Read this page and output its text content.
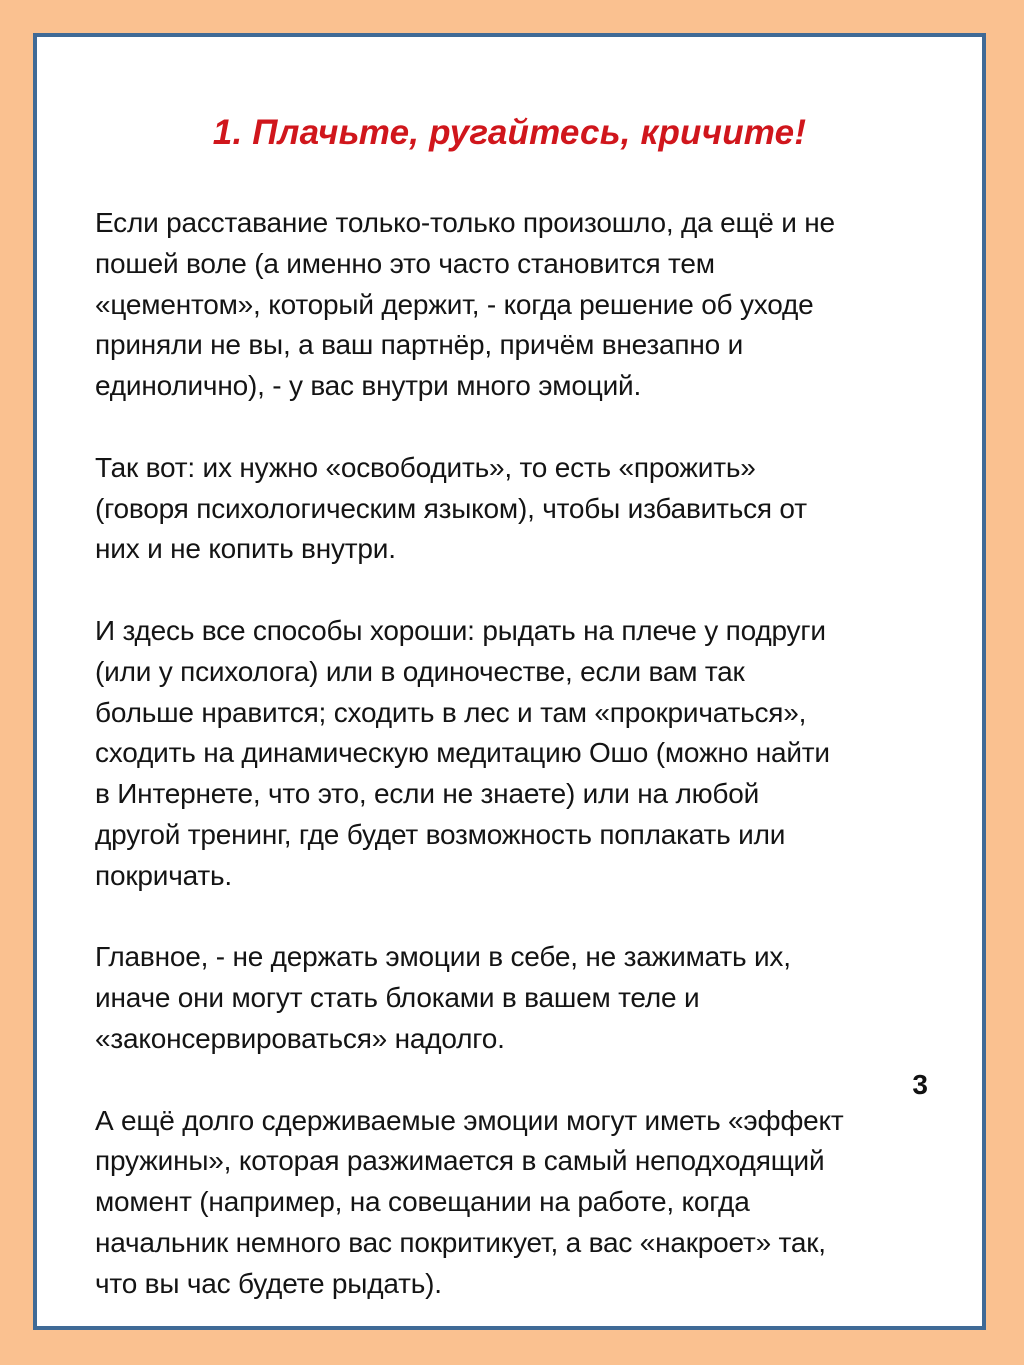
1. Плачьте, ругайтесь, кричите!

Если расставание только-только произошло, да ещё и не
пошей воле (а именно это часто становится тем
«цементом», который держит, - когда решение об уходе
приняли не вы, а ваш партнёр, причём внезапно и
единолично), - у вас внутри много эмоций.

Так вот: их нужно «освободить», то есть «прожить»
(говоря психологическим языком), чтобы избавиться от
них и не копить внутри.

И здесь все способы хороши: рыдать на плече у подруги
(или у психолога) или в одиночестве, если вам так
больше нравится; сходить в лес и там «прокричаться»,
сходить на динамическую медитацию Ошо (можно найти
в Интернете, что это, если не знаете) или на любой
другой тренинг, где будет возможность поплакать или
покричать.

Главное, - не держать эмоции в себе, не зажимать их,
иначе они могут стать блоками в вашем теле и
«законсервироваться» надолго.

А ещё долго сдерживаемые эмоции могут иметь «эффект
пружины», которая разжимается в самый неподходящий
момент (например, на совещании на работе, когда
начальник немного вас покритикует, а вас «накроет» так,
что вы час будете рыдать).

3
